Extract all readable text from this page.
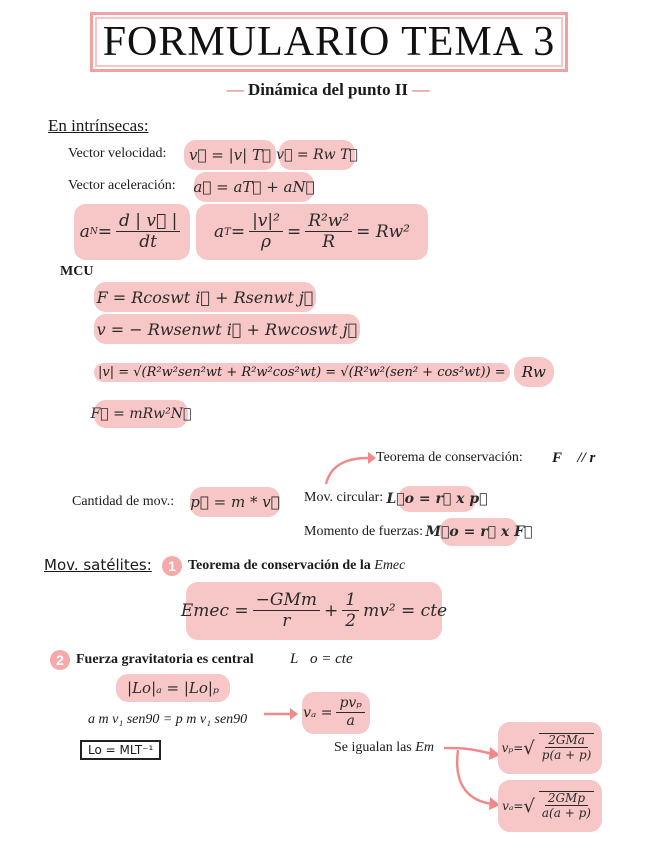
FORMULARIO TEMA 3
— Dinámica del punto II —
En intrínsecas:
Vector velocidad:	v⃗ = |v| T⃗ v⃗ = Rw T⃗
Vector aceleración: a⃗ = aT⃗ + aN⃗
a $N = \frac{d | v⃗ |}{dt}$ a $T = \frac{\text{|v|²}}{\rho} = \frac{\text{R²w²}}{R} = Rw^2$
MCU
F = Rcoswt i⃗ + Rsenwt j⃗
v = − Rwsenwt i⃗ + Rwcoswt j⃗
|v| = √(R²w²sen²wt + R²w²cos²wt) = √(R²w²(sen² + cos²wt)) =	Rw
F⃗ = mRw²N⃗
Teorema de conservación: F⃗ // r⃗
Cantidad de mov.: p⃗ = m * v⃗ Mov. circular: L⃗o = r⃗ x p⃗
Momento de fuerzas: M⃗o = r⃗ x F⃗
Mov. satélites:	1 Teorema de conservación de la Emec
Emec = $\frac{\text{−GMm}}{r} + \frac{1}{2} mv^2$ = cte
2 Fuerza gravitatoria es central L⃗o = cte
|Lo|ₐ = |Lo|ₚ
a m v₁ sen90 = p m v₁ sen90	$v_a = \frac{\text{pvₚ}}{a}$
Lo = MLT⁻¹	Se igualan las Em	vₚ= √ $\frac{\text{2GMa}}{p(a + p)}$
vₐ= √ $\frac{\text{2GMp}}{a(a + p)}$
